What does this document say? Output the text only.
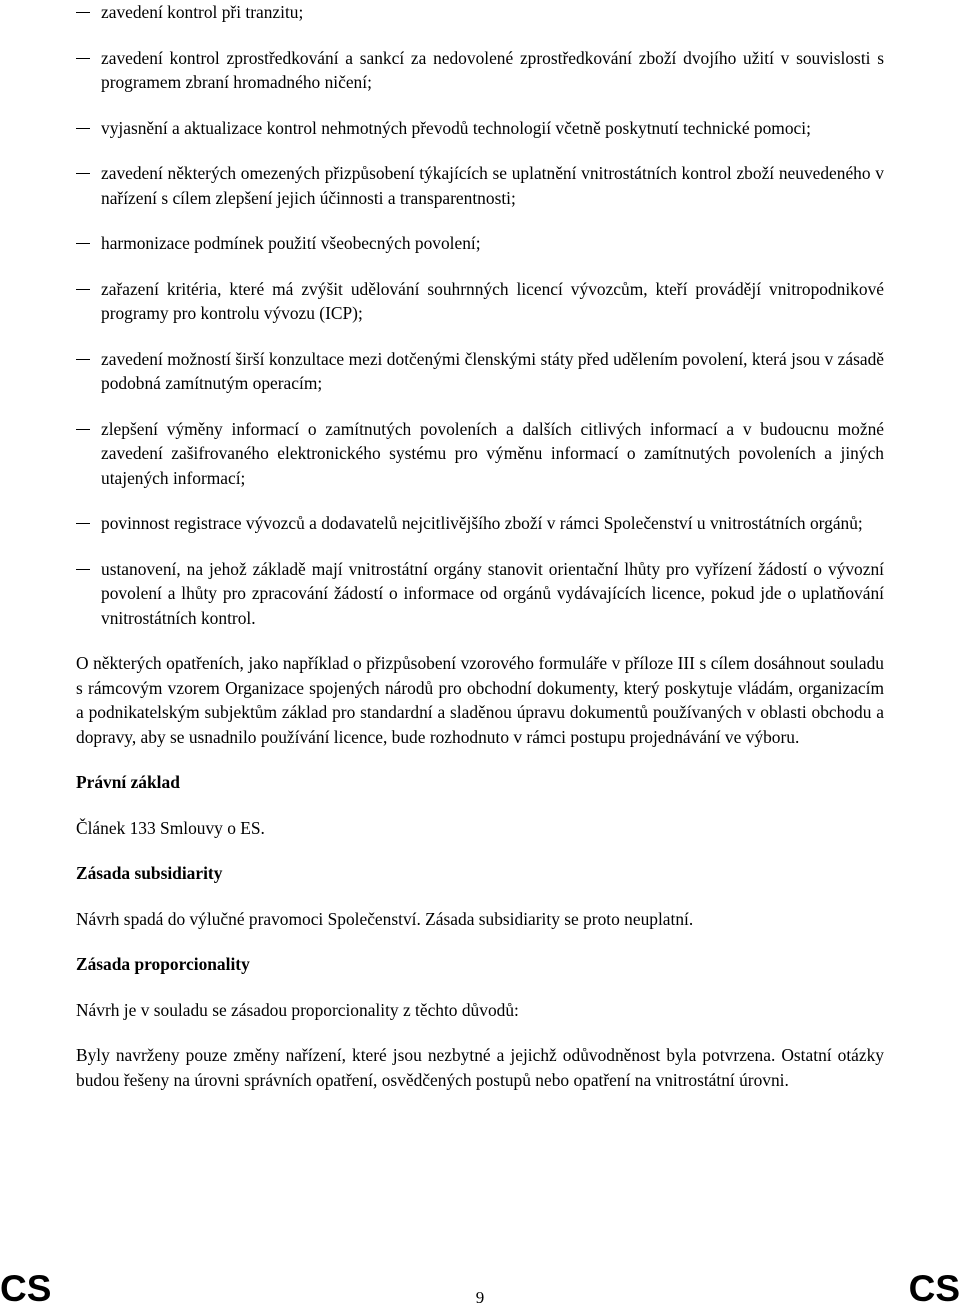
zavedení kontrol při tranzitu;
zavedení kontrol zprostředkování a sankcí za nedovolené zprostředkování zboží dvojího užití v souvislosti s programem zbraní hromadného ničení;
vyjasnění a aktualizace kontrol nehmotných převodů technologií včetně poskytnutí technické pomoci;
zavedení některých omezených přizpůsobení týkajících se uplatnění vnitrostátních kontrol zboží neuvedeného v nařízení s cílem zlepšení jejich účinnosti a transparentnosti;
harmonizace podmínek použití všeobecných povolení;
zařazení kritéria, které má zvýšit udělování souhrnných licencí vývozcům, kteří provádějí vnitropodnikové programy pro kontrolu vývozu (ICP);
zavedení možností širší konzultace mezi dotčenými členskými státy před udělením povolení, která jsou v zásadě podobná zamítnutým operacím;
zlepšení výměny informací o zamítnutých povoleních a dalších citlivých informací a v budoucnu možné zavedení zašifrovaného elektronického systému pro výměnu informací o zamítnutých povoleních a jiných utajených informací;
povinnost registrace vývozců a dodavatelů nejcitlivějšího zboží v rámci Společenství u vnitrostátních orgánů;
ustanovení, na jehož základě mají vnitrostátní orgány stanovit orientační lhůty pro vyřízení žádostí o vývozní povolení a lhůty pro zpracování žádostí o informace od orgánů vydávajících licence, pokud jde o uplatňování vnitrostátních kontrol.

O některých opatřeních, jako například o přizpůsobení vzorového formuláře v příloze III s cílem dosáhnout souladu s rámcovým vzorem Organizace spojených národů pro obchodní dokumenty, který poskytuje vládám, organizacím a podnikatelským subjektům základ pro standardní a sladěnou úpravu dokumentů používaných v oblasti obchodu a dopravy, aby se usnadnilo používání licence, bude rozhodnuto v rámci postupu projednávání ve výboru.

Právní základ

Článek 133 Smlouvy o ES.

Zásada subsidiarity

Návrh spadá do výlučné pravomoci Společenství. Zásada subsidiarity se proto neuplatní.

Zásada proporcionality

Návrh je v souladu se zásadou proporcionality z těchto důvodů:

Byly navrženy pouze změny nařízení, které jsou nezbytné a jejichž odůvodněnost byla potvrzena. Ostatní otázky budou řešeny na úrovni správních opatření, osvědčených postupů nebo opatření na vnitrostátní úrovni.

CS	9	CS
